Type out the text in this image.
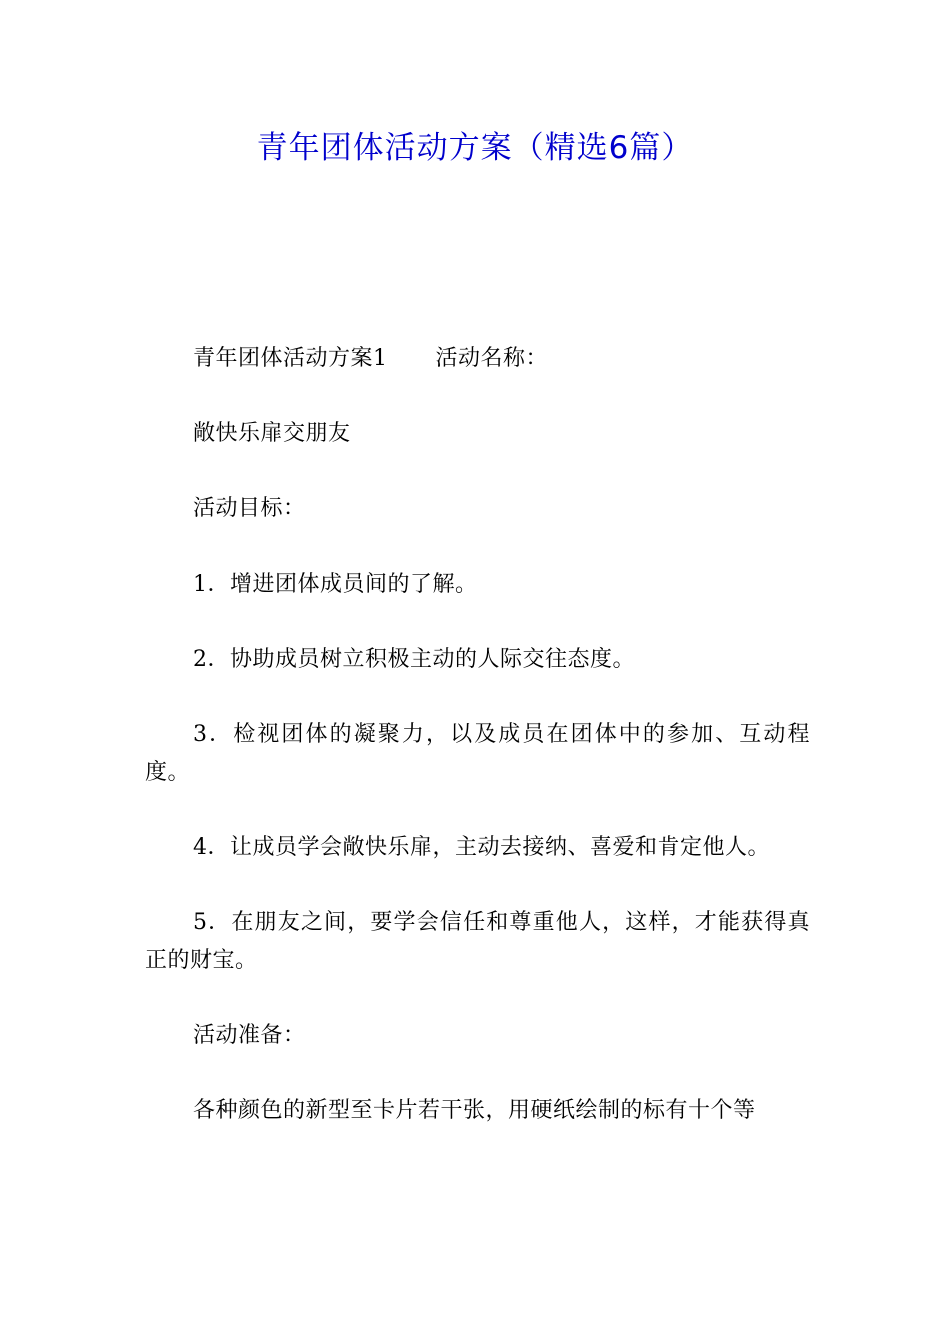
青年团体活动方案（精选6篇）

青年团体活动方案1 活动名称：

敞快乐扉交朋友

活动目标：

1．增进团体成员间的了解。

2．协助成员树立积极主动的人际交往态度。

3．检视团体的凝聚力，以及成员在团体中的参加、互动程度。

4．让成员学会敞快乐扉，主动去接纳、喜爱和肯定他人。

5．在朋友之间，要学会信任和尊重他人，这样，才能获得真正的财宝。

活动准备：

各种颜色的新型至卡片若干张，用硬纸绘制的标有十个等
